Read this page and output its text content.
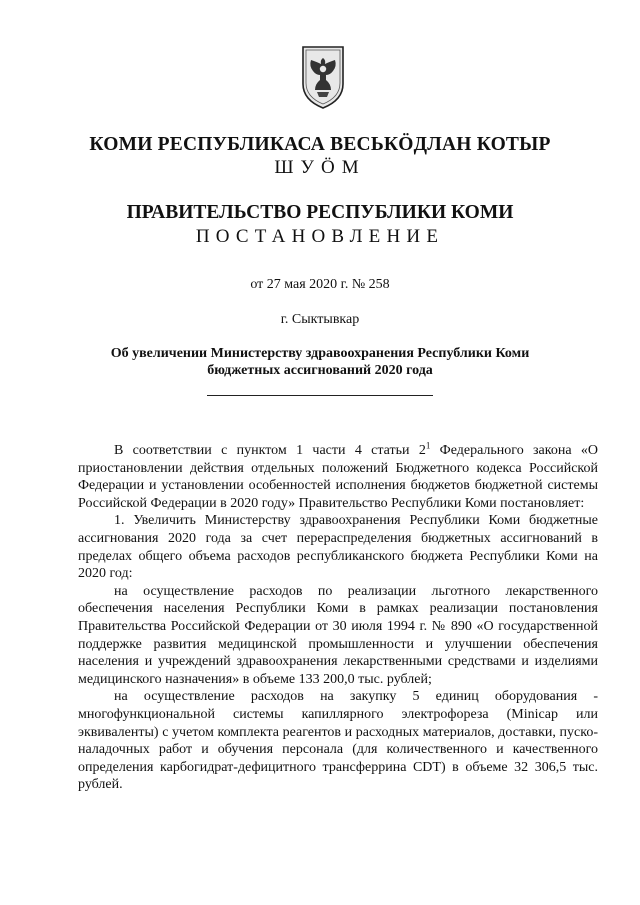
КОМИ РЕСПУБЛИКАСА ВЕСЬКÖДЛАН КОТЫР
ШУÖМ
ПРАВИТЕЛЬСТВО РЕСПУБЛИКИ КОМИ
ПОСТАНОВЛЕНИЕ
от 27 мая 2020 г. № 258
г. Сыктывкар
Об увеличении Министерству здравоохранения Республики Коми
бюджетных ассигнований 2020 года

В соответствии с пунктом 1 части 4 статьи $2^1$ Федерального закона «О приостановлении действия отдельных положений Бюджетного кодекса Российской Федерации и установлении особенностей исполнения бюджетов бюджетной системы Российской Федерации в 2020 году» Правительство Республики Коми постановляет:

1. Увеличить Министерству здравоохранения Республики Коми бюджетные ассигнования 2020 года за счет перераспределения бюджетных ассигнований в пределах общего объема расходов республиканского бюджета Республики Коми на 2020 год:

на осуществление расходов по реализации льготного лекарственного обеспечения населения Республики Коми в рамках реализации постановления Правительства Российской Федерации от 30 июля 1994 г. № 890 «О государственной поддержке развития медицинской промышленности и улучшении обеспечения населения и учреждений здравоохранения лекарственными средствами и изделиями медицинского назначения» в объеме 133 200,0 тыс. рублей;

на осуществление расходов на закупку 5 единиц оборудования - многофункциональной системы капиллярного электрофореза (Minicap или эквиваленты) с учетом комплекта реагентов и расходных материалов, доставки, пуско-наладочных работ и обучения персонала (для количественного и качественного определения карбогидрат-дефицитного трансферрина CDT) в объеме 32 306,5 тыс. рублей.
